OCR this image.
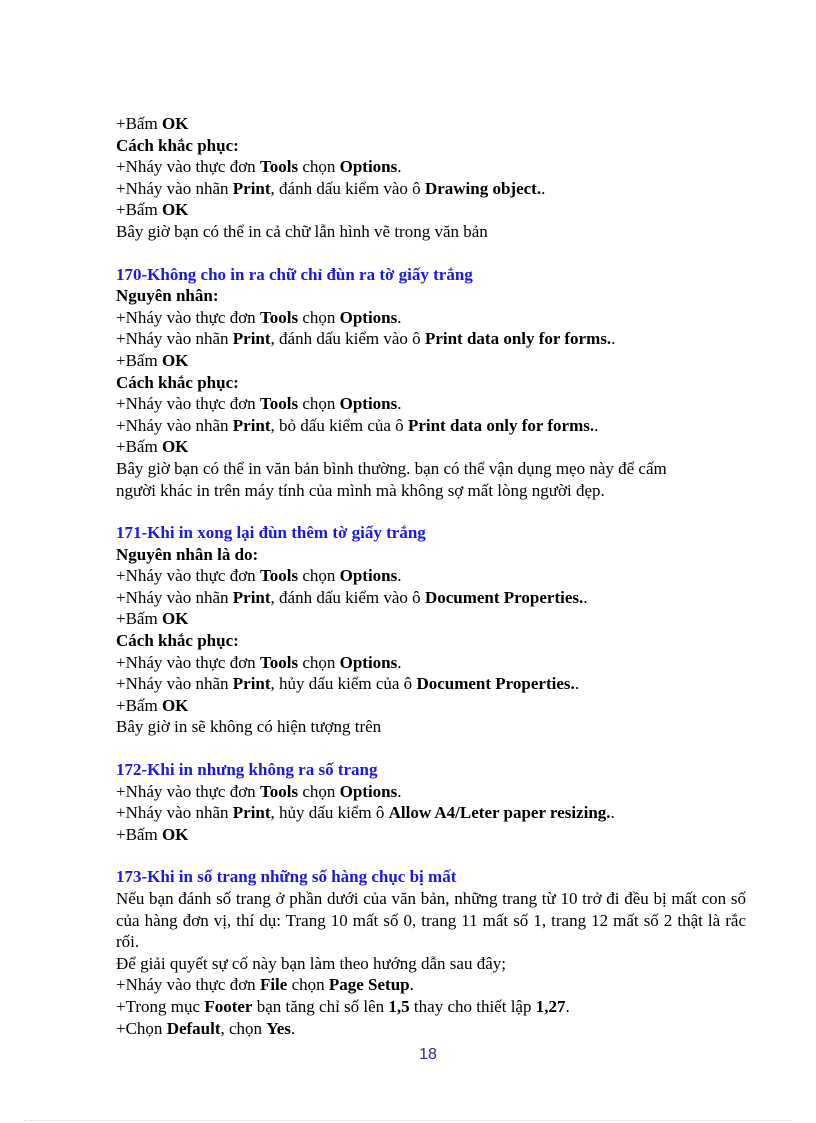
+Bấm OK
Cách khắc phục:
+Nháy vào thực đơn Tools chọn Options.
+Nháy vào nhãn Print, đánh dấu kiểm vào ô Drawing object..
+Bấm OK
Bây giờ bạn có thể in cả chữ lẫn hình vẽ trong văn bản
170-Không cho in ra chữ chỉ đùn ra tờ giấy trắng
Nguyên nhân:
+Nháy vào thực đơn Tools chọn Options.
+Nháy vào nhãn Print, đánh dấu kiểm vào ô Print data only for forms..
+Bấm OK
Cách khắc phục:
+Nháy vào thực đơn Tools chọn Options.
+Nháy vào nhãn Print, bỏ dấu kiểm của ô Print data only for forms..
+Bấm OK
Bây giờ bạn có thể in văn bản bình thường. bạn có thể vận dụng mẹo này để cấm
người khác in trên máy tính của mình mà không sợ mất lòng người đẹp.
171-Khi in xong lại đùn thêm tờ giấy trắng
Nguyên nhân là do:
+Nháy vào thực đơn Tools chọn Options.
+Nháy vào nhãn Print, đánh dấu kiểm vào ô Document Properties..
+Bấm OK
Cách khắc phục:
+Nháy vào thực đơn Tools chọn Options.
+Nháy vào nhãn Print, hủy dấu kiểm của ô Document Properties..
+Bấm OK
Bây giờ in sẽ không có hiện tượng trên
172-Khi in nhưng không ra số trang
+Nháy vào thực đơn Tools chọn Options.
+Nháy vào nhãn Print, hủy dấu kiểm ô Allow A4/Leter paper resizing..
+Bấm OK
173-Khi in số trang những số hàng chục bị mất
Nếu bạn đánh số trang ở phần dưới của văn bản, những trang từ 10 trở đi đều bị mất con số của hàng đơn vị, thí dụ: Trang 10 mất số 0, trang 11 mất số 1, trang 12 mất số 2 thật là rắc rối.
Để giải quyết sự cố này bạn làm theo hướng dẫn sau đây;
+Nháy vào thực đơn File chọn Page Setup.
+Trong mục Footer bạn tăng chỉ số lên 1,5 thay cho thiết lập 1,27.
+Chọn Default, chọn Yes.
18
